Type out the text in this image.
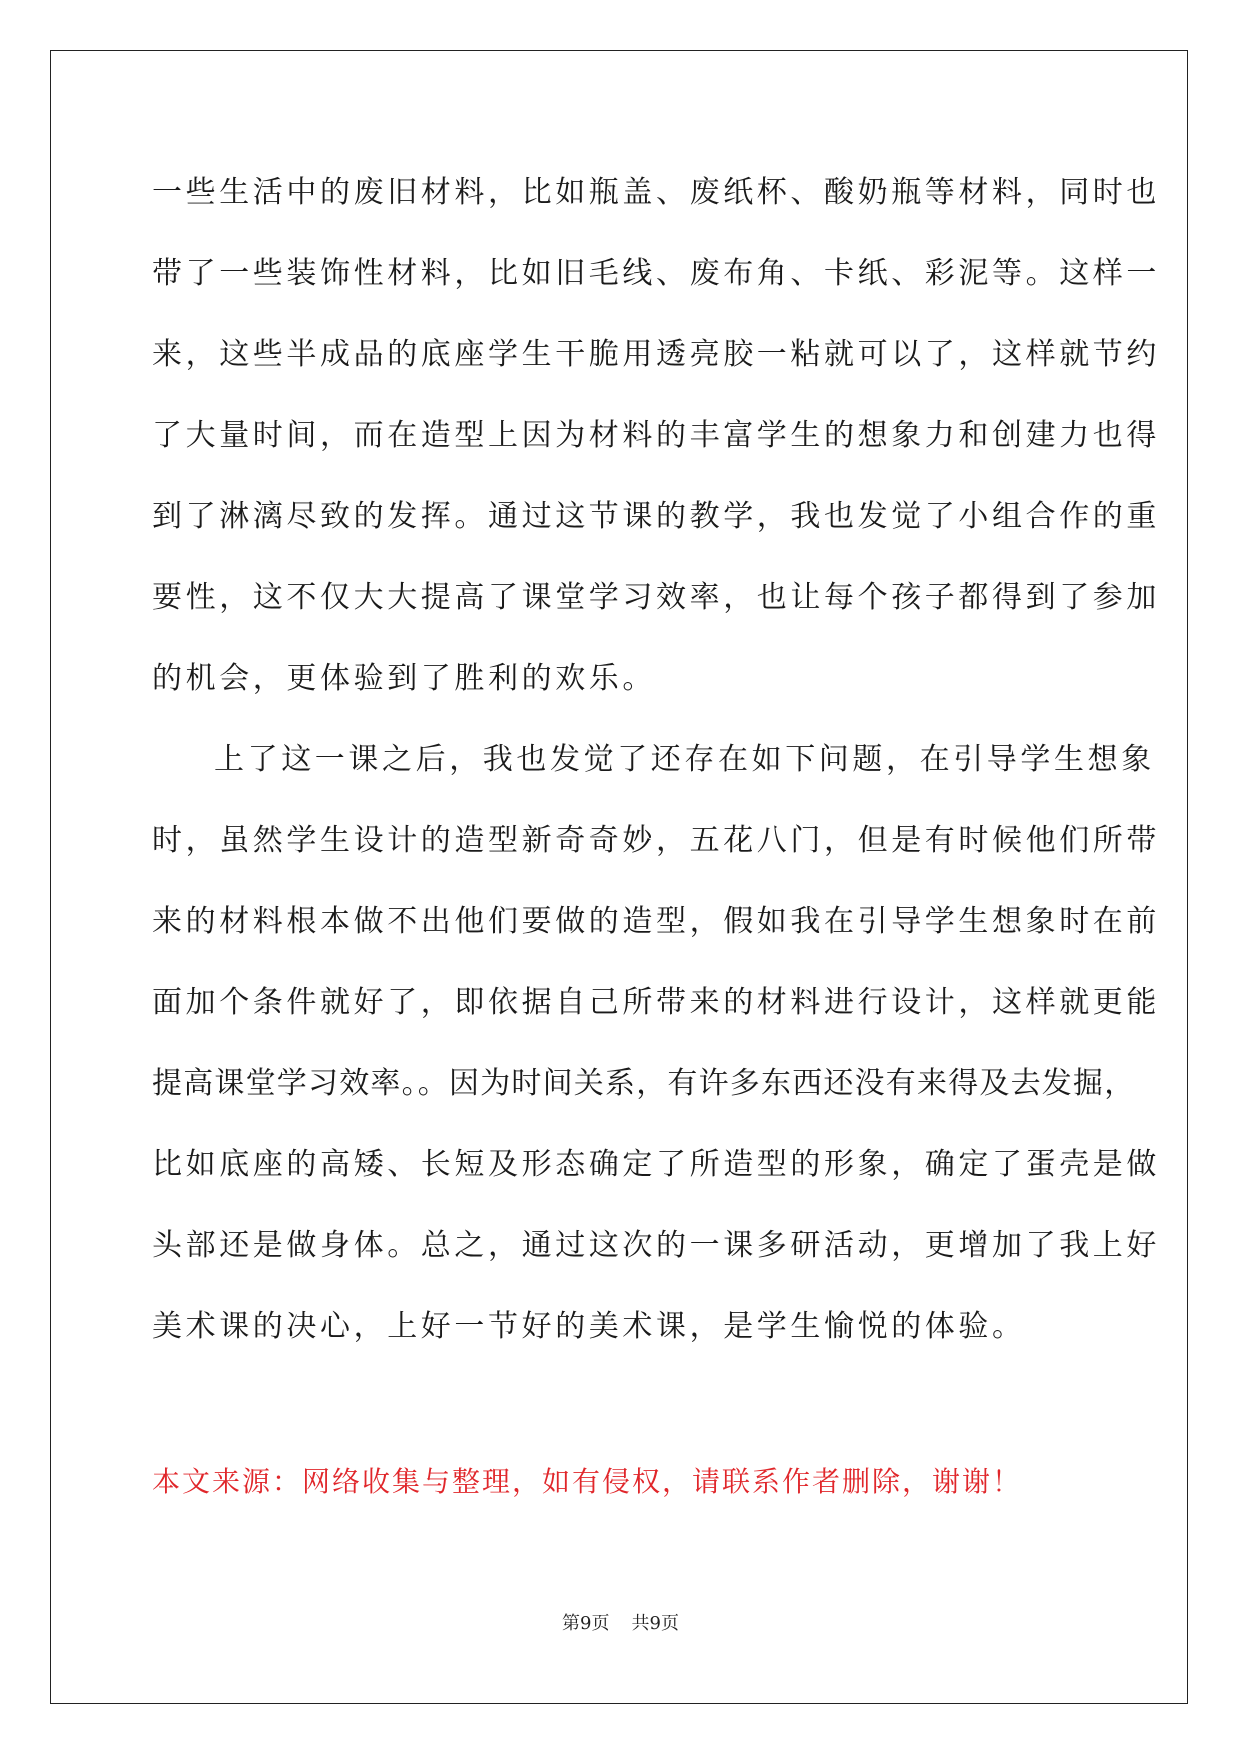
一些生活中的废旧材料，比如瓶盖、废纸杯、酸奶瓶等材料，同时也
带了一些装饰性材料，比如旧毛线、废布角、卡纸、彩泥等。这样一
来，这些半成品的底座学生干脆用透亮胶一粘就可以了，这样就节约
了大量时间，而在造型上因为材料的丰富学生的想象力和创建力也得
到了淋漓尽致的发挥。通过这节课的教学，我也发觉了小组合作的重
要性，这不仅大大提高了课堂学习效率，也让每个孩子都得到了参加
的机会，更体验到了胜利的欢乐。
上了这一课之后，我也发觉了还存在如下问题，在引导学生想象
时，虽然学生设计的造型新奇奇妙，五花八门，但是有时候他们所带
来的材料根本做不出他们要做的造型，假如我在引导学生想象时在前
面加个条件就好了，即依据自己所带来的材料进行设计，这样就更能
提高课堂学习效率。。因为时间关系，有许多东西还没有来得及去发掘，
比如底座的高矮、长短及形态确定了所造型的形象，确定了蛋壳是做
头部还是做身体。总之，通过这次的一课多研活动，更增加了我上好
美术课的决心，上好一节好的美术课，是学生愉悦的体验。
本文来源：网络收集与整理，如有侵权，请联系作者删除，谢谢！
第9页 共9页
